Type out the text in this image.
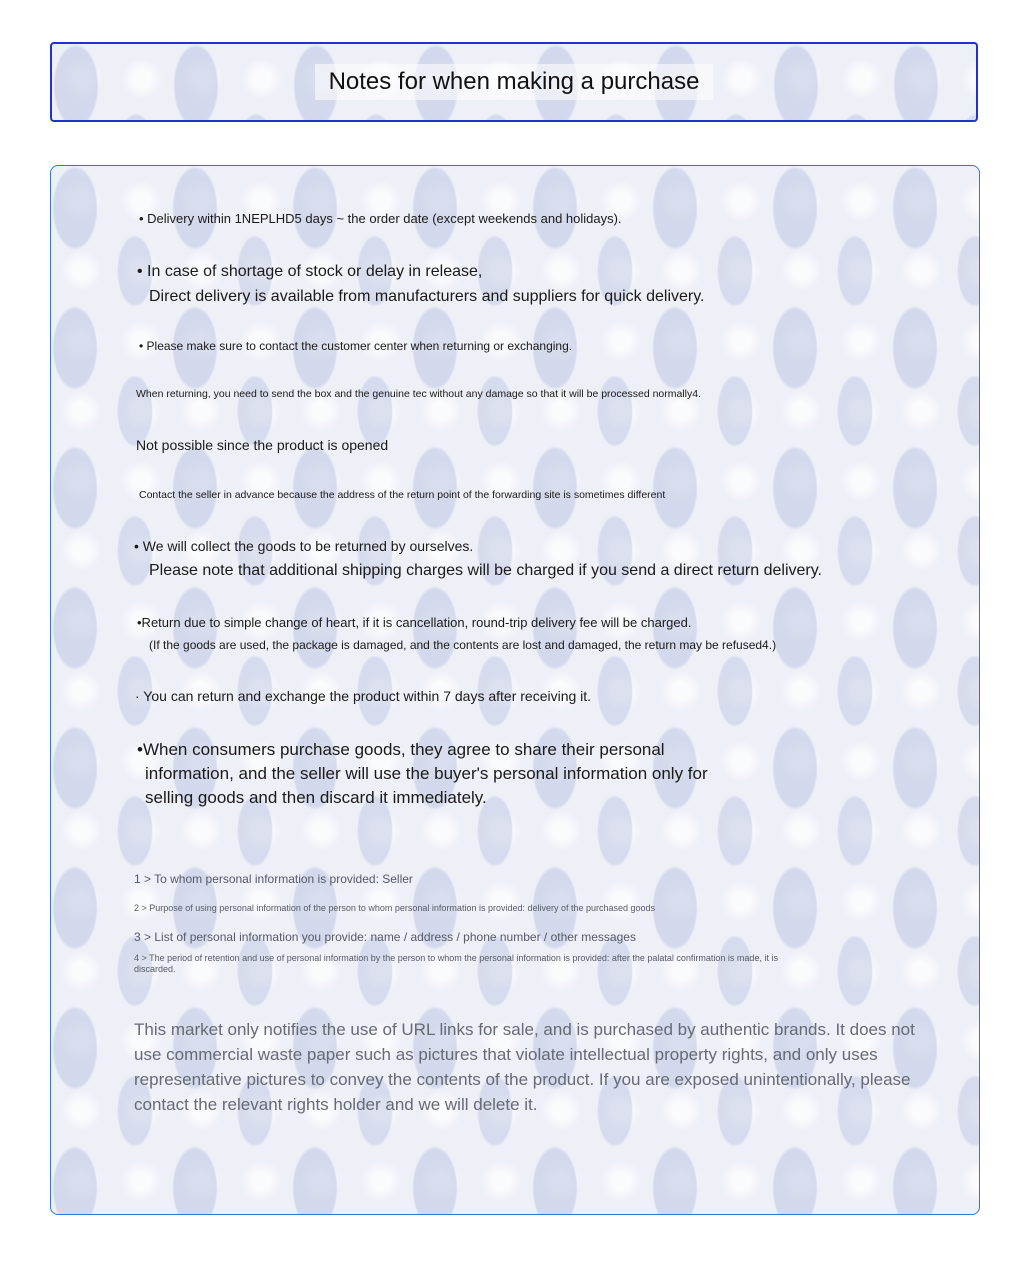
Notes for when making a purchase
• Delivery within 1NEPLHD5 days ~ the order date (except weekends and holidays).
• In case of shortage of stock or delay in release,
Direct delivery is available from manufacturers and suppliers for quick delivery.
• Please make sure to contact the customer center when returning or exchanging.
When returning, you need to send the box and the genuine tec without any damage so that it will be processed normally4.
Not possible since the product is opened
Contact the seller in advance because the address of the return point of the forwarding site is sometimes different
• We will collect the goods to be returned by ourselves.
Please note that additional shipping charges will be charged if you send a direct return delivery.
•Return due to simple change of heart, if it is cancellation, round-trip delivery fee will be charged.
(If the goods are used, the package is damaged, and the contents are lost and damaged, the return may be refused4.)
· You can return and exchange the product within 7 days after receiving it.
•When consumers purchase goods, they agree to share their personal
information, and the seller will use the buyer's personal information only for
selling goods and then discard it immediately.
1 > To whom personal information is provided: Seller
2 > Purpose of using personal information of the person to whom personal information is provided: delivery of the purchased goods
3 > List of personal information you provide: name / address / phone number / other messages
4 > The period of retention and use of personal information by the person to whom the personal information is provided: after the palatal confirmation is made, it is discarded.
This market only notifies the use of URL links for sale, and is purchased by authentic brands. It does not use commercial waste paper such as pictures that violate intellectual property rights, and only uses representative pictures to convey the contents of the product. If you are exposed unintentionally, please contact the relevant rights holder and we will delete it.
